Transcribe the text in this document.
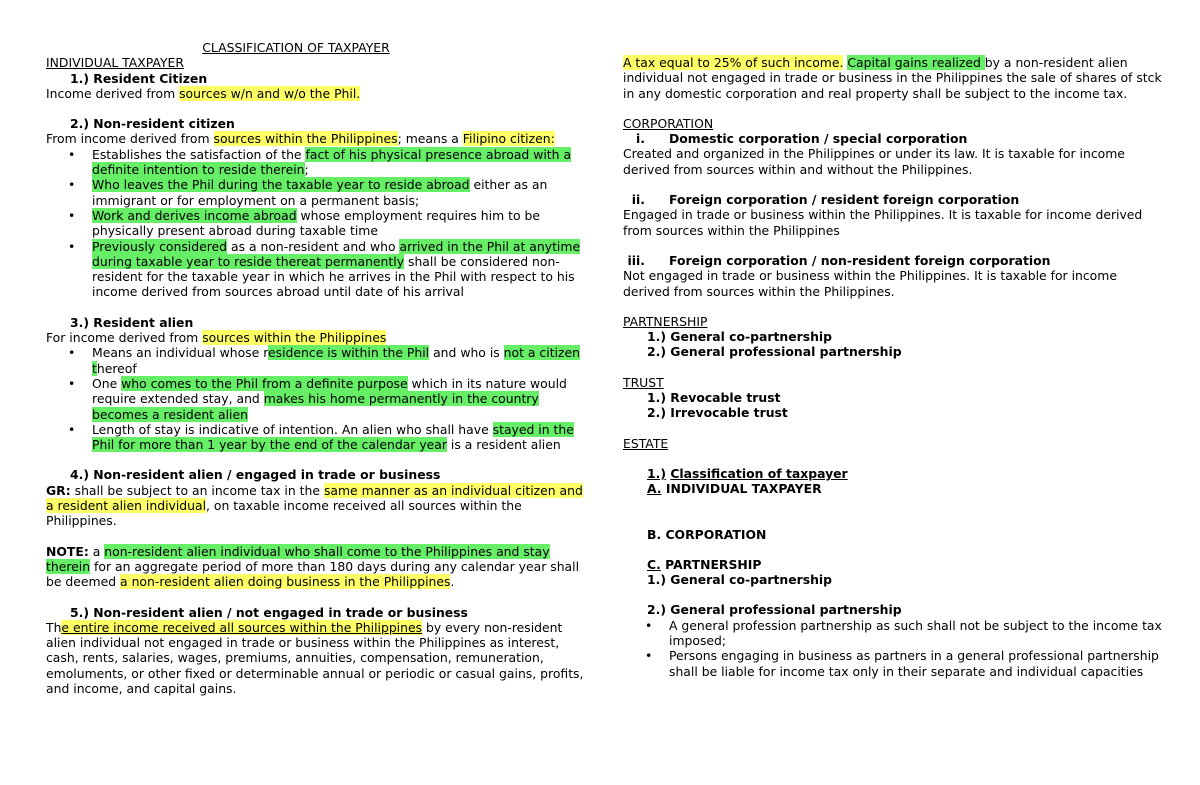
CLASSIFICATION OF TAXPAYER

INDIVIDUAL TAXPAYER

1.) Resident Citizen

Income derived from sources w/n and w/o the Phil.

2.) Non-resident citizen

From income derived from sources within the Philippines; means a Filipino citizen:

• Establishes the satisfaction of the fact of his physical presence abroad with a definite intention to reside therein;
• Who leaves the Phil during the taxable year to reside abroad either as an immigrant or for employment on a permanent basis;
• Work and derives income abroad whose employment requires him to be physically present abroad during taxable time
• Previously considered as a non-resident and who arrived in the Phil at anytime during taxable year to reside thereat permanently shall be considered non-resident for the taxable year in which he arrives in the Phil with respect to his income derived from sources abroad until date of his arrival

3.) Resident alien

For income derived from sources within the Philippines

• Means an individual whose residence is within the Phil and who is not a citizen thereof
• One who comes to the Phil from a definite purpose which in its nature would require extended stay, and makes his home permanently in the country becomes a resident alien
• Length of stay is indicative of intention. An alien who shall have stayed in the Phil for more than 1 year by the end of the calendar year is a resident alien

4.) Non-resident alien / engaged in trade or business

GR: shall be subject to an income tax in the same manner as an individual citizen and a resident alien individual, on taxable income received all sources within the Philippines.

NOTE: a non-resident alien individual who shall come to the Philippines and stay therein for an aggregate period of more than 180 days during any calendar year shall be deemed a non-resident alien doing business in the Philippines.

5.) Non-resident alien / not engaged in trade or business

The entire income received all sources within the Philippines by every non-resident alien individual not engaged in trade or business within the Philippines as interest, cash, rents, salaries, wages, premiums, annuities, compensation, remuneration, emoluments, or other fixed or determinable annual or periodic or casual gains, profits, and income, and capital gains.

A tax equal to 25% of such income. Capital gains realized by a non-resident alien individual not engaged in trade or business in the Philippines the sale of shares of stck in any domestic corporation and real property shall be subject to the income tax.

CORPORATION

i. Domestic corporation / special corporation

Created and organized in the Philippines or under its law. It is taxable for income derived from sources within and without the Philippines.

ii. Foreign corporation / resident foreign corporation

Engaged in trade or business within the Philippines. It is taxable for income derived from sources within the Philippines

iii. Foreign corporation / non-resident foreign corporation

Not engaged in trade or business within the Philippines. It is taxable for income derived from sources within the Philippines.

PARTNERSHIP

1.) General co-partnership

2.) General professional partnership

TRUST

1.) Revocable trust

2.) Irrevocable trust

ESTATE

1.) Classification of taxpayer

A. INDIVIDUAL TAXPAYER

B. CORPORATION

C. PARTNERSHIP

1.) General co-partnership

2.) General professional partnership

• A general profession partnership as such shall not be subject to the income tax imposed;
• Persons engaging in business as partners in a general professional partnership shall be liable for income tax only in their separate and individual capacities
